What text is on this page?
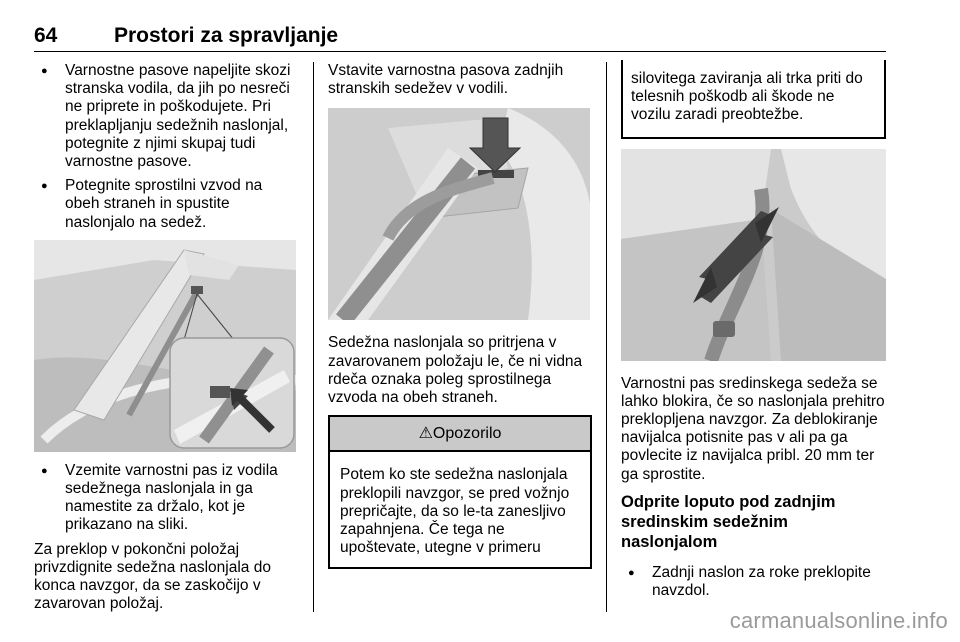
64	Prostori za spravljanje
● Varnostne pasove napeljite skozi stranska vodila, da jih po nesreči ne priprete in poškodujete. Pri preklapljanju sedežnih naslonjal, potegnite z njimi skupaj tudi varnostne pasove.
● Potegnite sprostilni vzvod na obeh straneh in spustite naslonjalo na sedež.
● Vzemite varnostni pas iz vodila sedežnega naslonjala in ga namestite za držalo, kot je prikazano na sliki.

Za preklop v pokončni položaj privzdignite sedežna naslonjala do konca navzgor, da se zaskočijo v zavarovan položaj.

Vstavite varnostna pasova zadnjih stranskih sedežev v vodili.

Sedežna naslonjala so pritrjena v zavarovanem položaju le, če ni vidna rdeča oznaka poleg sprostilnega vzvoda na obeh straneh.

⚠Opozorilo
Potem ko ste sedežna naslonjala preklopili navzgor, se pred vožnjo prepričajte, da so le-ta zanesljivo zapahnjena. Če tega ne upoštevate, utegne v primeru
silovitega zaviranja ali trka priti do telesnih poškodb ali škode ne vozilu zaradi preobtežbe.

Varnostni pas sredinskega sedeža se lahko blokira, če so naslonjala prehitro preklopljena navzgor. Za deblokiranje navijalca potisnite pas v ali pa ga povlecite iz navijalca pribl. 20 mm ter ga sprostite.

Odprite loputo pod zadnjim sredinskim sedežnim naslonjalom
● Zadnji naslon za roke preklopite navzdol.
carmanualsonline.info
